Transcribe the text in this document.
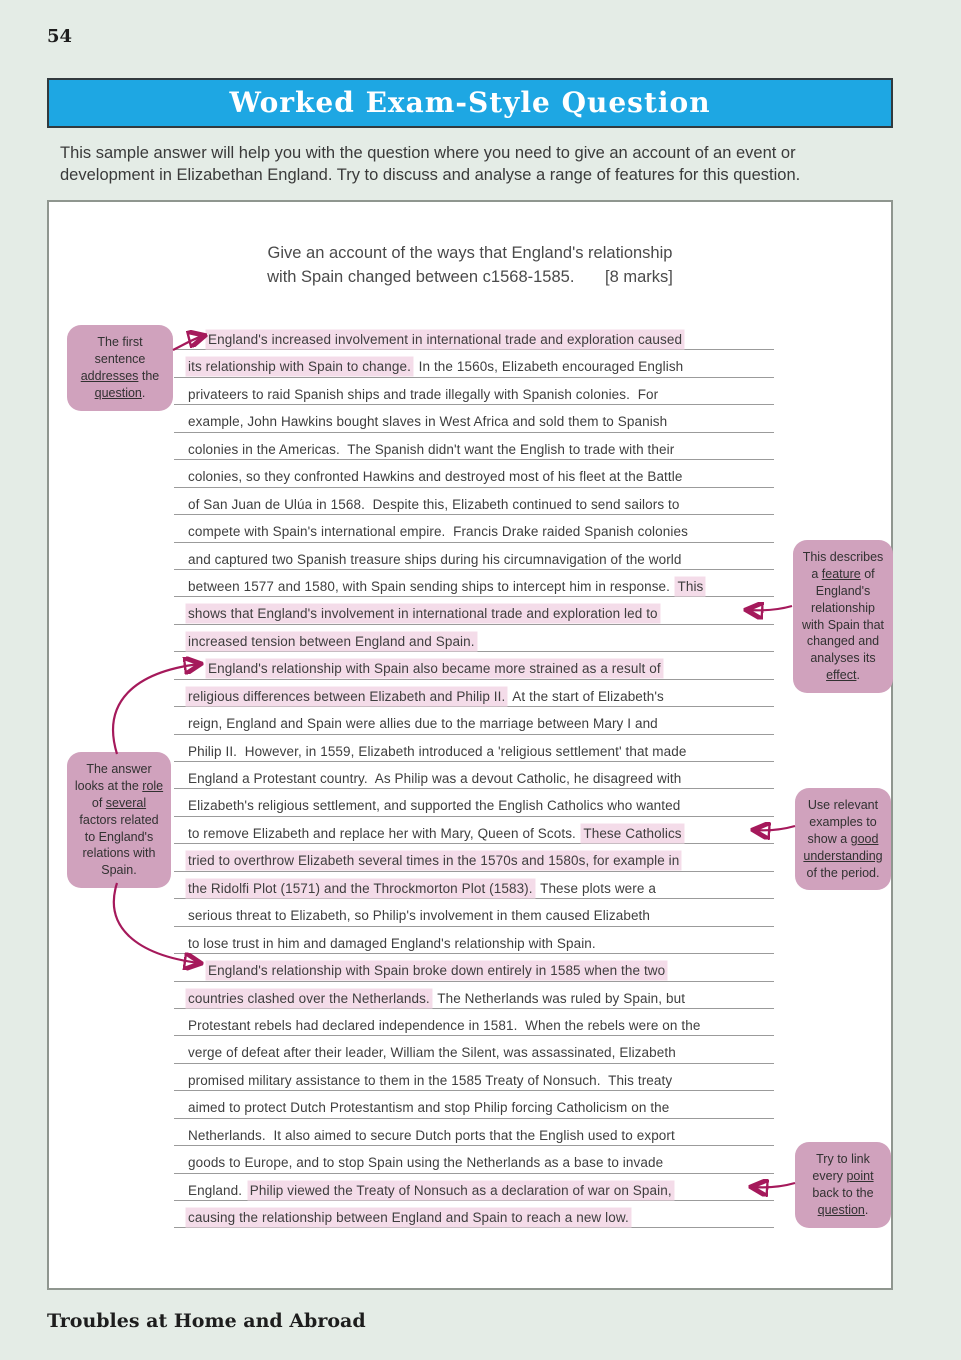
54
Worked Exam-Style Question

This sample answer will help you with the question where you need to give an account of an event or development in Elizabethan England. Try to discuss and analyse a range of features for this question.

Give an account of the ways that England's relationship
with Spain changed between c1568-1585. [8 marks]
England's increased involvement in international trade and exploration caused
its relationship with Spain to change.  In the 1560s, Elizabeth encouraged English
privateers to raid Spanish ships and trade illegally with Spanish colonies.  For
example, John Hawkins bought slaves in West Africa and sold them to Spanish
colonies in the Americas.  The Spanish didn't want the English to trade with their
colonies, so they confronted Hawkins and destroyed most of his fleet at the Battle
of San Juan de Ulúa in 1568.  Despite this, Elizabeth continued to send sailors to
compete with Spain's international empire.  Francis Drake raided Spanish colonies
and captured two Spanish treasure ships during his circumnavigation of the world
between 1577 and 1580, with Spain sending ships to intercept him in response.  This
shows that England's involvement in international trade and exploration led to
increased tension between England and Spain.
England's relationship with Spain also became more strained as a result of
religious differences between Elizabeth and Philip II.  At the start of Elizabeth's
reign, England and Spain were allies due to the marriage between Mary I and
Philip II.  However, in 1559, Elizabeth introduced a 'religious settlement' that made
England a Protestant country.  As Philip was a devout Catholic, he disagreed with
Elizabeth's religious settlement, and supported the English Catholics who wanted
to remove Elizabeth and replace her with Mary, Queen of Scots.  These Catholics
tried to overthrow Elizabeth several times in the 1570s and 1580s, for example in
the Ridolfi Plot (1571) and the Throckmorton Plot (1583).  These plots were a
serious threat to Elizabeth, so Philip's involvement in them caused Elizabeth
to lose trust in him and damaged England's relationship with Spain.
England's relationship with Spain broke down entirely in 1585 when the two
countries clashed over the Netherlands.  The Netherlands was ruled by Spain, but
Protestant rebels had declared independence in 1581.  When the rebels were on the
verge of defeat after their leader, William the Silent, was assassinated, Elizabeth
promised military assistance to them in the 1585 Treaty of Nonsuch.  This treaty
aimed to protect Dutch Protestantism and stop Philip forcing Catholicism on the
Netherlands.  It also aimed to secure Dutch ports that the English used to export
goods to Europe, and to stop Spain using the Netherlands as a base to invade
England.  Philip viewed the Treaty of Nonsuch as a declaration of war on Spain,
causing the relationship between England and Spain to reach a new low.
The first sentence addresses the question.
This describes a feature of England's relationship with Spain that changed and analyses its effect.
The answer looks at the role of several factors related to England's relations with Spain.
Use relevant examples to show a good understanding of the period.
Try to link every point back to the question.
Troubles at Home and Abroad
